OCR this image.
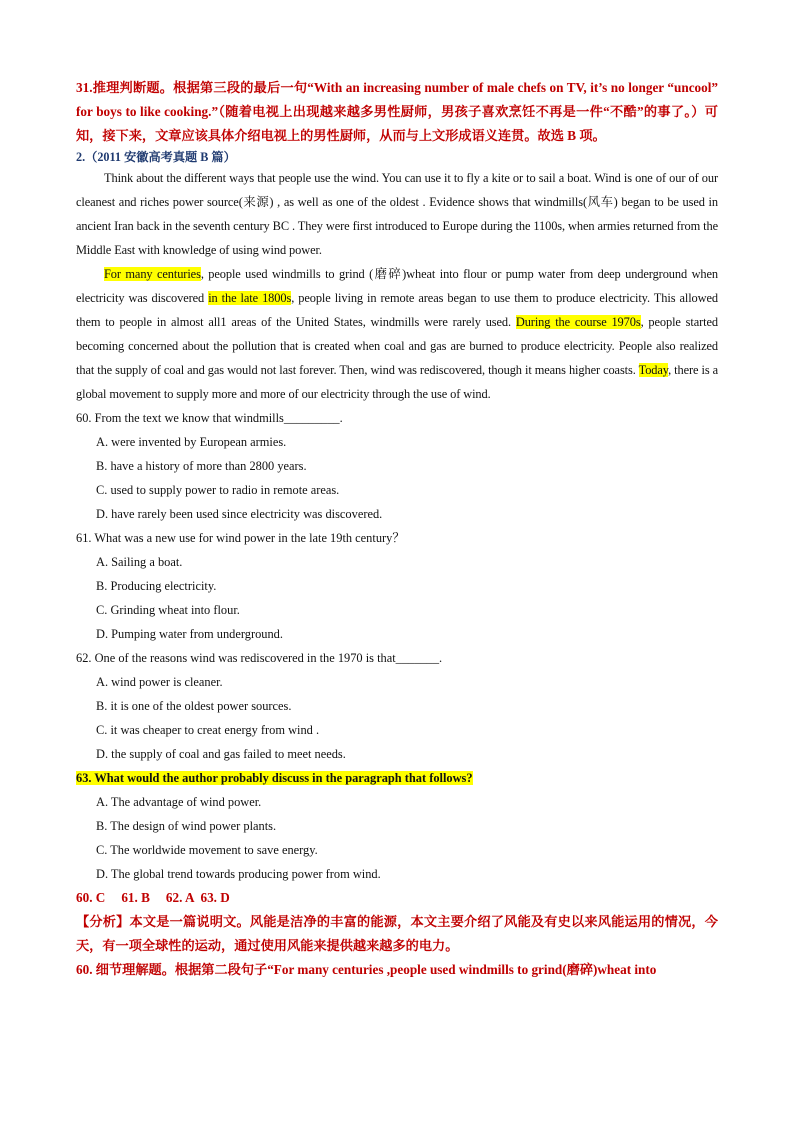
31.推理判断题。根据第三段的最后一句“With an increasing number of male chefs on TV, it’s no longer “uncool” for boys to like cooking.”（随着电视上出现越来越多男性厨师，男孩子喜欢烹饪不再是一件“不酷”的事了。）可知，接下来，文章应该具体介绍电视上的男性厨师，从而与上文形成语义连贯。故选 B 项。

2.（2011 安徽高考真题 B 篇）

Think about the different ways that people use the wind. You can use it to fly a kite or to sail a boat. Wind is one of our of our cleanest and riches power source(来源) , as well as one of the oldest . Evidence shows that windmills(风车) began to be used in ancient Iran back in the seventh century BC . They were first introduced to Europe during the 1100s, when armies returned from the Middle East with knowledge of using wind power.

For many centuries, people used windmills to grind (磨碎)wheat into flour or pump water from deep underground when electricity was discovered in the late 1800s, people living in remote areas began to use them to produce electricity. This allowed them to people in almost all1 areas of the United States, windmills were rarely used. During the course 1970s, people started becoming concerned about the pollution that is created when coal and gas are burned to produce electricity. People also realized that the supply of coal and gas would not last forever. Then, wind was rediscovered, though it means higher coasts. Today, there is a global movement to supply more and more of our electricity through the use of wind.

60. From the text we know that windmills_________.

A. were invented by European armies.

B. have a history of more than 2800 years.

C. used to supply power to radio in remote areas.

D. have rarely been used since electricity was discovered.

61. What was a new use for wind power in the late 19th century？

A. Sailing a boat.

B. Producing electricity.

C. Grinding wheat into flour.

D. Pumping water from underground.

62. One of the reasons wind was rediscovered in the 1970 is that_______.

A. wind power is cleaner.

B. it is one of the oldest power sources.

C. it was cheaper to creat energy from wind .

D. the supply of coal and gas failed to meet needs.

63. What would the author probably discuss in the paragraph that follows?

A. The advantage of wind power.

B. The design of wind power plants.

C. The worldwide movement to save energy.

D. The global trend towards producing power from wind.

60. C 61. B 62. A 63. D

【分析】本文是一篇说明文。风能是洁净的丰富的能源，本文主要介绍了风能及有史以来风能运用的情况，今天，有一项全球性的运动，通过使用风能来提供越来越多的电力。

60. 细节理解题。根据第二段句子“For many centuries ,people used windmills to grind(磨碎)wheat into
